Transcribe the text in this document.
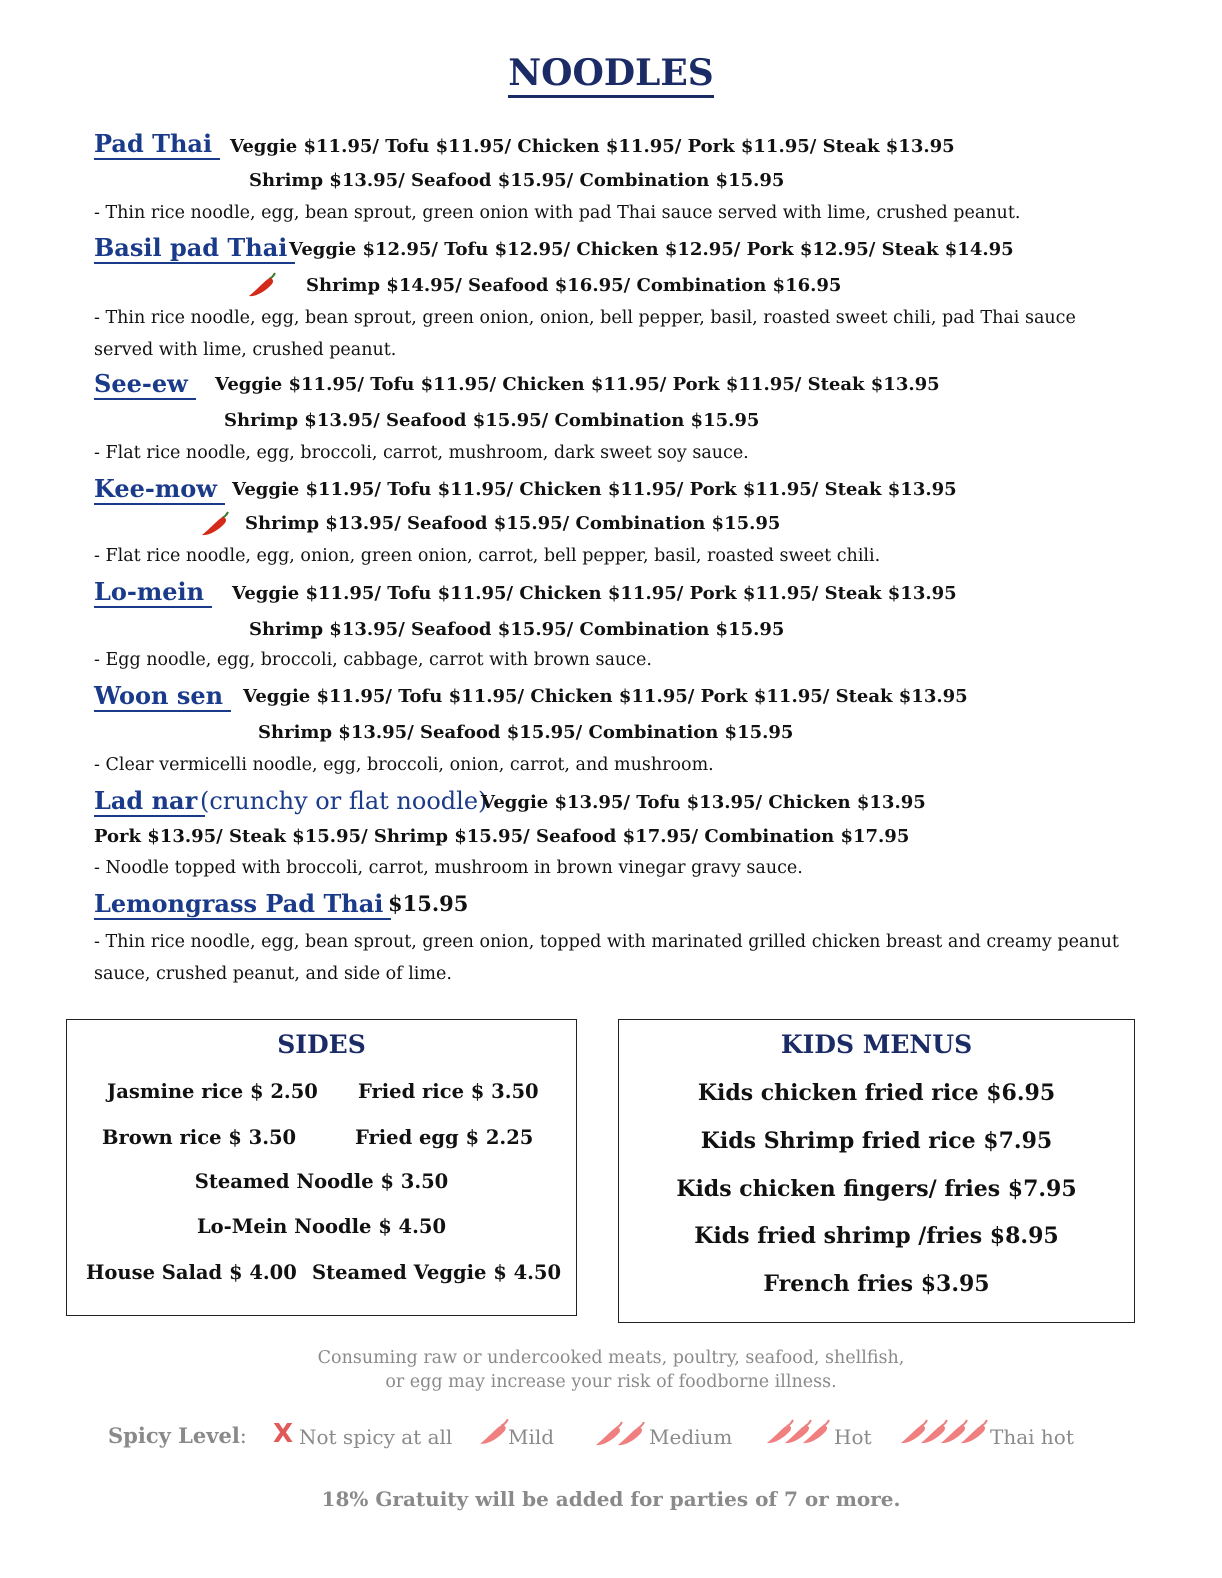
NOODLES
Pad Thai Veggie $11.95/ Tofu $11.95/ Chicken $11.95/ Pork $11.95/ Steak $13.95
Shrimp $13.95/ Seafood $15.95/ Combination $15.95
- Thin rice noodle, egg, bean sprout, green onion with pad Thai sauce served with lime, crushed peanut.
Basil pad Thai Veggie $12.95/ Tofu $12.95/ Chicken $12.95/ Pork $12.95/ Steak $14.95
Shrimp $14.95/ Seafood $16.95/ Combination $16.95
- Thin rice noodle, egg, bean sprout, green onion, onion, bell pepper, basil, roasted sweet chili, pad Thai sauce served with lime, crushed peanut.
See-ew	Veggie $11.95/ Tofu $11.95/ Chicken $11.95/ Pork $11.95/ Steak $13.95
Shrimp $13.95/ Seafood $15.95/ Combination $15.95
- Flat rice noodle, egg, broccoli, carrot, mushroom, dark sweet soy sauce.
Kee-mow Veggie $11.95/ Tofu $11.95/ Chicken $11.95/ Pork $11.95/ Steak $13.95
Shrimp $13.95/ Seafood $15.95/ Combination $15.95
- Flat rice noodle, egg, onion, green onion, carrot, bell pepper, basil, roasted sweet chili.
Lo-mein	Veggie $11.95/ Tofu $11.95/ Chicken $11.95/ Pork $11.95/ Steak $13.95
Shrimp $13.95/ Seafood $15.95/ Combination $15.95
- Egg noodle, egg, broccoli, cabbage, carrot with brown sauce.
Woon sen	Veggie $11.95/ Tofu $11.95/ Chicken $11.95/ Pork $11.95/ Steak $13.95
Shrimp $13.95/ Seafood $15.95/ Combination $15.95
- Clear vermicelli noodle, egg, broccoli, onion, carrot, and mushroom.
Lad nar (crunchy or flat noodle)
Veggie $13.95/ Tofu $13.95/ Chicken $13.95
Pork $13.95/ Steak $15.95/ Shrimp $15.95/ Seafood $17.95/ Combination $17.95
- Noodle topped with broccoli, carrot, mushroom in brown vinegar gravy sauce.
Lemongrass Pad Thai $15.95
- Thin rice noodle, egg, bean sprout, green onion, topped with marinated grilled chicken breast and creamy peanut sauce, crushed peanut, and side of lime.
SIDES
Jasmine rice $ 2.50 Fried rice $ 3.50
Brown rice $ 3.50	Fried egg $ 2.25
Steamed Noodle $ 3.50
Lo-Mein Noodle $ 4.50
House Salad $ 4.00 Steamed Veggie $ 4.50
KIDS MENUS
Kids chicken fried rice $6.95
Kids Shrimp fried rice $7.95
Kids chicken fingers/ fries $7.95
Kids fried shrimp /fries $8.95
French fries $3.95
Consuming raw or undercooked meats, poultry, seafood, shellfish,
or egg may increase your risk of foodborne illness.
Spicy Level: X Not spicy at all	Mild	Medium	Hot	Thai hot
18% Gratuity will be added for parties of 7 or more.
